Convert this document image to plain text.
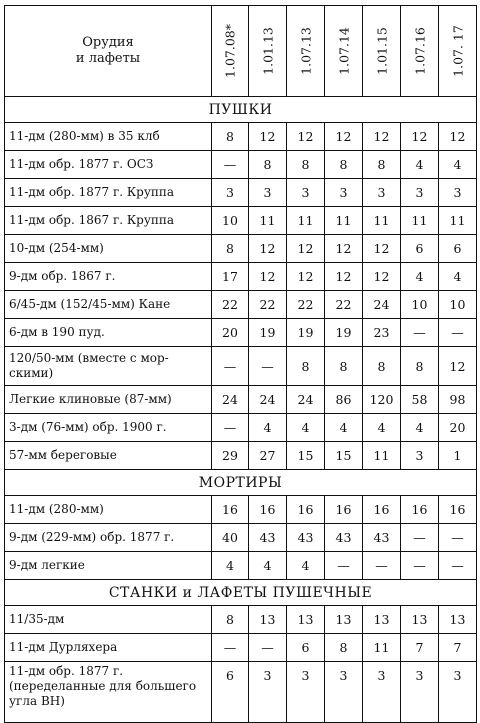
Орудия
и лафеты	1.07.08*	1.01.13	1.07.13	1.07.14	1.01.15	1.07.16	1.07. 17

ПУШКИ							
11-дм (280-мм) в 35 клб	8	12	12	12	12	12	12
11-дм обр. 1877 г. ОСЗ	—	8	8	8	8	4	4
11-дм обр. 1877 г. Круппа	3	3	3	3	3	3	3
11-дм обр. 1867 г. Круппа	10	11	11	11	11	11	11
10-дм (254-мм)	8	12	12	12	12	6	6
9-дм обр. 1867 г.	17	12	12	12	12	4	4
6/45-дм (152/45-мм) Кане	22	22	22	22	24	10	10
6-дм в 190 пуд.	20	19	19	19	23	—	—
120/50-мм (вместе с мор-
скими)	—	—	8	8	8	8	12
Легкие клиновые (87-мм)	24	24	24	86	120	58	98
3-дм (76-мм) обр. 1900 г.	—	4	4	4	4	4	20
57-мм береговые	29	27	15	15	11	3	1
МОРТИРЫ							
11-дм (280-мм)	16	16	16	16	16	16	16
9-дм (229-мм) обр. 1877 г.	40	43	43	43	43	—	—
9-дм легкие	4	4	4	—	—	—	—
СТАНКИ и ЛАФЕТЫ ПУШЕЧНЫЕ							
11/35-дм	8	13	13	13	13	13	13
11-дм Дурляхера	—	—	6	8	11	7	7
11-дм обр. 1877 г.
(переделанные для большего
угла ВН)	6	3	3	3	3	3	3
